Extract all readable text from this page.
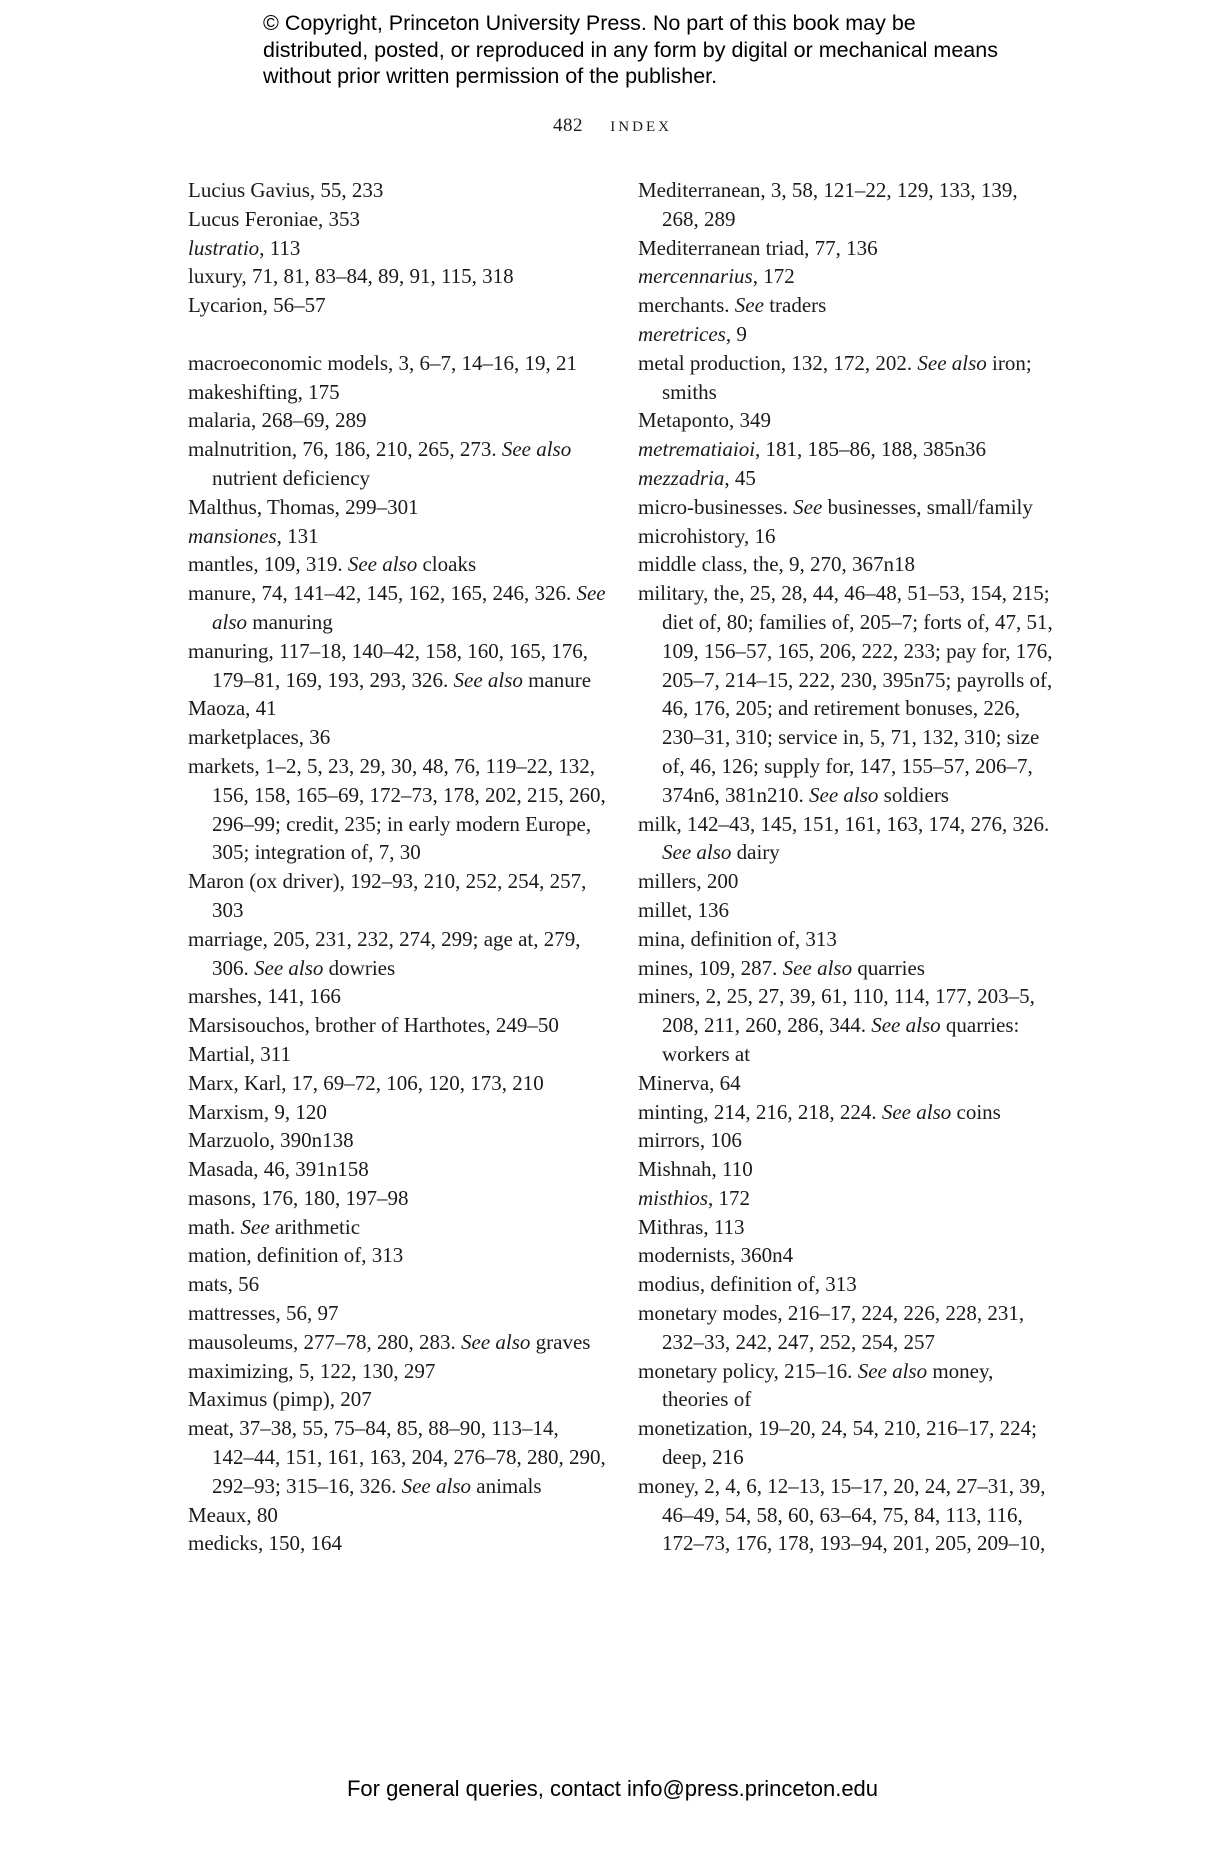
© Copyright, Princeton University Press. No part of this book may be distributed, posted, or reproduced in any form by digital or mechanical means without prior written permission of the publisher.
482 index
Lucius Gavius, 55, 233
Lucus Feroniae, 353
lustratio, 113
luxury, 71, 81, 83–84, 89, 91, 115, 318
Lycarion, 56–57
macroeconomic models, 3, 6–7, 14–16, 19, 21
makeshifting, 175
malaria, 268–69, 289
malnutrition, 76, 186, 210, 265, 273. See also nutrient deficiency
Malthus, Thomas, 299–301
mansiones, 131
mantles, 109, 319. See also cloaks
manure, 74, 141–42, 145, 162, 165, 246, 326. See also manuring
manuring, 117–18, 140–42, 158, 160, 165, 176, 179–81, 169, 193, 293, 326. See also manure
Maoza, 41
marketplaces, 36
markets, 1–2, 5, 23, 29, 30, 48, 76, 119–22, 132, 156, 158, 165–69, 172–73, 178, 202, 215, 260, 296–99; credit, 235; in early modern Europe, 305; integration of, 7, 30
Maron (ox driver), 192–93, 210, 252, 254, 257, 303
marriage, 205, 231, 232, 274, 299; age at, 279, 306. See also dowries
marshes, 141, 166
Marsisouchos, brother of Harthotes, 249–50
Martial, 311
Marx, Karl, 17, 69–72, 106, 120, 173, 210
Marxism, 9, 120
Marzuolo, 390n138
Masada, 46, 391n158
masons, 176, 180, 197–98
math. See arithmetic
mation, definition of, 313
mats, 56
mattresses, 56, 97
mausoleums, 277–78, 280, 283. See also graves
maximizing, 5, 122, 130, 297
Maximus (pimp), 207
meat, 37–38, 55, 75–84, 85, 88–90, 113–14, 142–44, 151, 161, 163, 204, 276–78, 280, 290, 292–93; 315–16, 326. See also animals
Meaux, 80
medicks, 150, 164
Mediterranean, 3, 58, 121–22, 129, 133, 139, 268, 289
Mediterranean triad, 77, 136
mercennarius, 172
merchants. See traders
meretrices, 9
metal production, 132, 172, 202. See also iron; smiths
Metaponto, 349
metrematiaioi, 181, 185–86, 188, 385n36
mezzadria, 45
micro-businesses. See businesses, small/family
microhistory, 16
middle class, the, 9, 270, 367n18
military, the, 25, 28, 44, 46–48, 51–53, 154, 215; diet of, 80; families of, 205–7; forts of, 47, 51, 109, 156–57, 165, 206, 222, 233; pay for, 176, 205–7, 214–15, 222, 230, 395n75; payrolls of, 46, 176, 205; and retirement bonuses, 226, 230–31, 310; service in, 5, 71, 132, 310; size of, 46, 126; supply for, 147, 155–57, 206–7, 374n6, 381n210. See also soldiers
milk, 142–43, 145, 151, 161, 163, 174, 276, 326. See also dairy
millers, 200
millet, 136
mina, definition of, 313
mines, 109, 287. See also quarries
miners, 2, 25, 27, 39, 61, 110, 114, 177, 203–5, 208, 211, 260, 286, 344. See also quarries: workers at
Minerva, 64
minting, 214, 216, 218, 224. See also coins
mirrors, 106
Mishnah, 110
misthios, 172
Mithras, 113
modernists, 360n4
modius, definition of, 313
monetary modes, 216–17, 224, 226, 228, 231, 232–33, 242, 247, 252, 254, 257
monetary policy, 215–16. See also money, theories of
monetization, 19–20, 24, 54, 210, 216–17, 224; deep, 216
money, 2, 4, 6, 12–13, 15–17, 20, 24, 27–31, 39, 46–49, 54, 58, 60, 63–64, 75, 84, 113, 116, 172–73, 176, 178, 193–94, 201, 205, 209–10,
For general queries, contact info@press.princeton.edu
